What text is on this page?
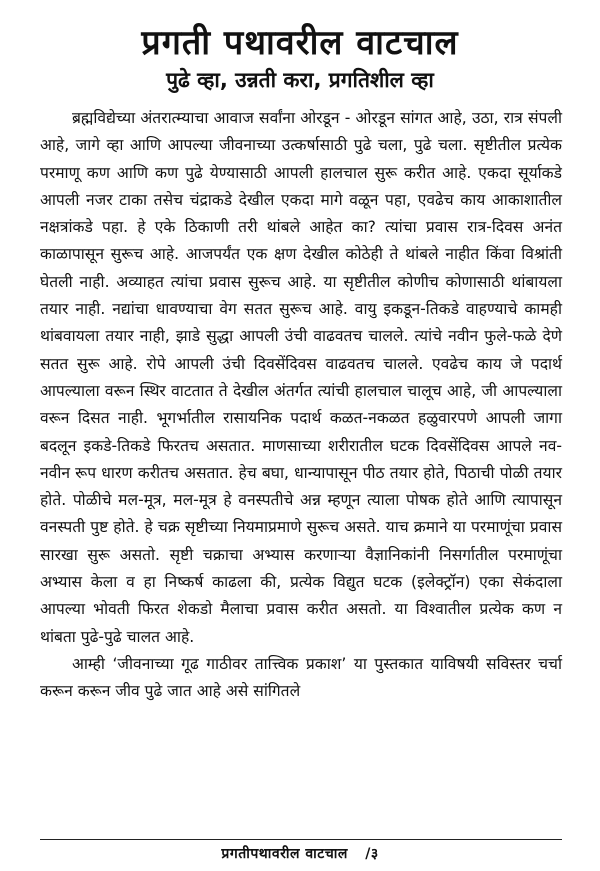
प्रगती पथावरील वाटचाल
पुढे व्हा, उन्नती करा, प्रगतिशील व्हा

ब्रह्मविद्येच्या अंतरात्म्याचा आवाज सर्वांना ओरडून - ओरडून सांगत आहे, उठा, रात्र संपली आहे, जागे व्हा आणि आपल्या जीवनाच्या उत्कर्षासाठी पुढे चला, पुढे चला. सृष्टीतील प्रत्येक परमाणू कण आणि कण पुढे येण्यासाठी आपली हालचाल सुरू करीत आहे. एकदा सूर्याकडे आपली नजर टाका तसेच चंद्राकडे देखील एकदा मागे वळून पहा, एवढेच काय आकाशातील नक्षत्रांकडे पहा. हे एके ठिकाणी तरी थांबले आहेत का? त्यांचा प्रवास रात्र-दिवस अनंत काळापासून सुरूच आहे. आजपर्यंत एक क्षण देखील कोठेही ते थांबले नाहीत किंवा विश्रांती घेतली नाही. अव्याहत त्यांचा प्रवास सुरूच आहे. या सृष्टीतील कोणीच कोणासाठी थांबायला तयार नाही. नद्यांचा धावण्याचा वेग सतत सुरूच आहे. वायु इकडून-तिकडे वाहण्याचे कामही थांबवायला तयार नाही, झाडे सुद्धा आपली उंची वाढवतच चालले. त्यांचे नवीन फुले-फळे देणे सतत सुरू आहे. रोपे आपली उंची दिवसेंदिवस वाढवतच चालले. एवढेच काय जे पदार्थ आपल्याला वरून स्थिर वाटतात ते देखील अंतर्गत त्यांची हालचाल चालूच आहे, जी आपल्याला वरून दिसत नाही. भूगर्भातील रासायनिक पदार्थ कळत-नकळत हळुवारपणे आपली जागा बदलून इकडे-तिकडे फिरतच असतात. माणसाच्या शरीरातील घटक दिवसेंदिवस आपले नव-नवीन रूप धारण करीतच असतात. हेच बघा, धान्यापासून पीठ तयार होते, पिठाची पोळी तयार होते. पोळीचे मल-मूत्र, मल-मूत्र हे वनस्पतीचे अन्न म्हणून त्याला पोषक होते आणि त्यापासून वनस्पती पुष्ट होते. हे चक्र सृष्टीच्या नियमाप्रमाणे सुरूच असते. याच क्रमाने या परमाणूंचा प्रवास सारखा सुरू असतो. सृष्टी चक्राचा अभ्यास करणाऱ्या वैज्ञानिकांनी निसर्गातील परमाणूंचा अभ्यास केला व हा निष्कर्ष काढला की, प्रत्येक विद्युत घटक (इलेक्ट्रॉन) एका सेकंदाला आपल्या भोवती फिरत शेकडो मैलाचा प्रवास करीत असतो. या विश्वातील प्रत्येक कण न थांबता पुढे-पुढे चालत आहे.

आम्ही ‘जीवनाच्या गूढ गाठीवर तात्त्विक प्रकाश’ या पुस्तकात याविषयी सविस्तर चर्चा करून करून जीव पुढे जात आहे असे सांगितले

प्रगतीपथावरील वाटचाल /३
